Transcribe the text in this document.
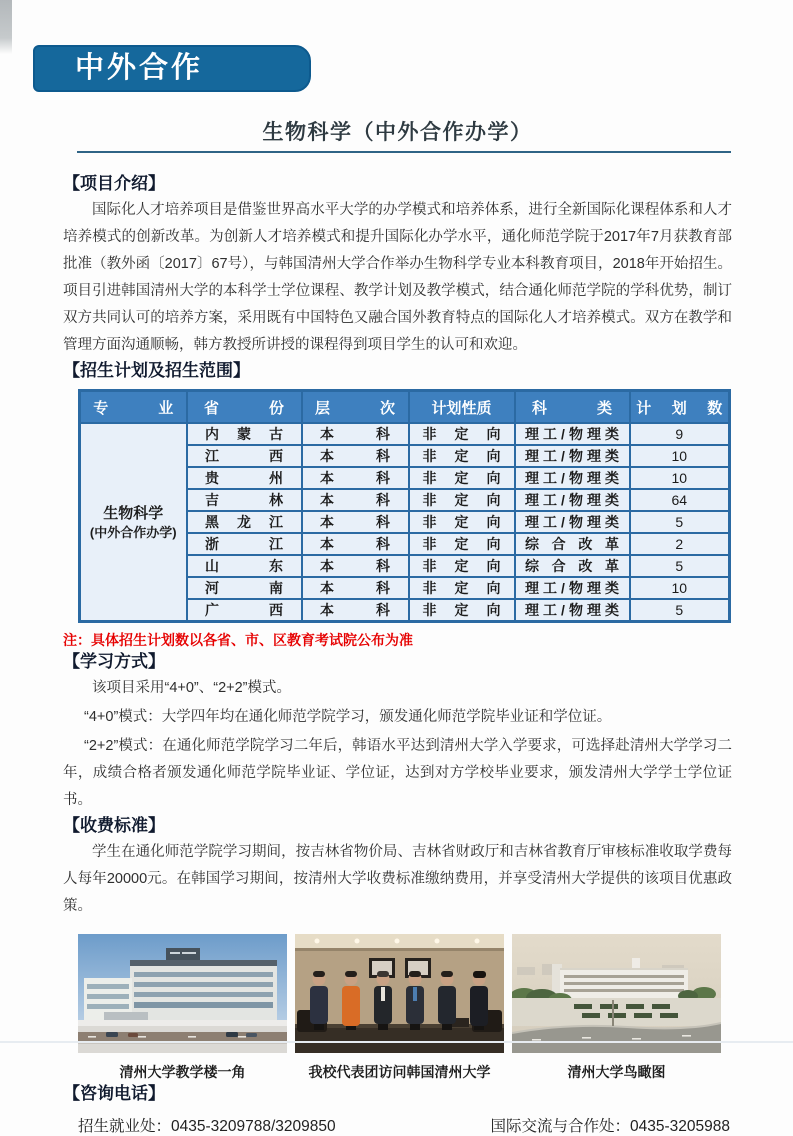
中外合作
生物科学（中外合作办学）
【项目介绍】

国际化人才培养项目是借鉴世界高水平大学的办学模式和培养体系，进行全新国际化课程体系和人才培养模式的创新改革。为创新人才培养模式和提升国际化办学水平，通化师范学院于2017年7月获教育部批准（教外函〔2017〕67号），与韩国清州大学合作举办生物科学专业本科教育项目，2018年开始招生。项目引进韩国清州大学的本科学士学位课程、教学计划及教学模式，结合通化师范学院的学科优势，制订双方共同认可的培养方案，采用既有中国特色又融合国外教育特点的国际化人才培养模式。双方在教学和管理方面沟通顺畅，韩方教授所讲授的课程得到项目学生的认可和欢迎。

【招生计划及招生范围】
专业	省份	层次	计划性质	科类	计划数

生物科学
(中外合作办学)	内蒙古	本科	非定向	理工/物理类	9
	江西	本科	非定向	理工/物理类	10
	贵州	本科	非定向	理工/物理类	10
	吉林	本科	非定向	理工/物理类	64
	黑龙江	本科	非定向	理工/物理类	5
	浙江	本科	非定向	综合改革	2
	山东	本科	非定向	综合改革	5
	河南	本科	非定向	理工/物理类	10
	广西	本科	非定向	理工/物理类	5

注：具体招生计划数以各省、市、区教育考试院公布为准

【学习方式】

该项目采用“4+0”、“2+2”模式。

“4+0”模式：大学四年均在通化师范学院学习，颁发通化师范学院毕业证和学位证。

“2+2”模式：在通化师范学院学习二年后，韩语水平达到清州大学入学要求，可选择赴清州大学学习二年，成绩合格者颁发通化师范学院毕业证、学位证，达到对方学校毕业要求，颁发清州大学学士学位证书。

【收费标准】

学生在通化师范学院学习期间，按吉林省物价局、吉林省财政厅和吉林省教育厅审核标准收取学费每人每年20000元。在韩国学习期间，按清州大学收费标准缴纳费用，并享受清州大学提供的该项目优惠政策。

清州大学教学楼一角	我校代表团访问韩国清州大学	清州大学鸟瞰图
【咨询电话】
招生就业处：0435-3209788/3209850	国际交流与合作处：0435-3205988
